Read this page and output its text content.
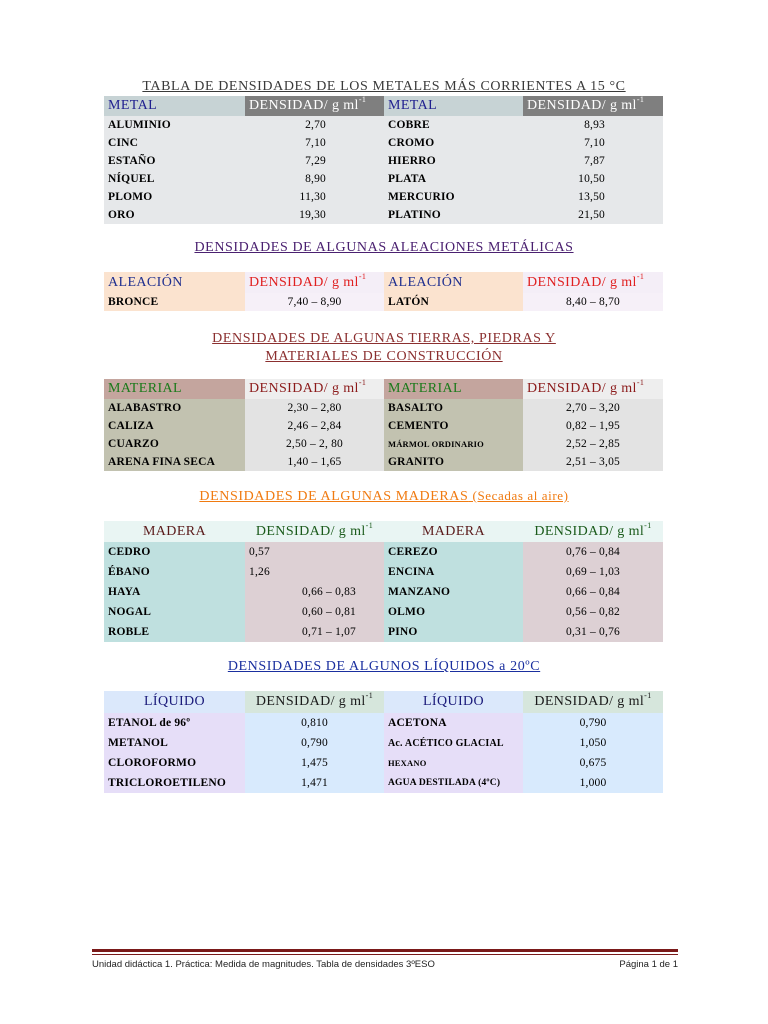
TABLA DE DENSIDADES DE LOS METALES MÁS CORRIENTES A 15 °C
METAL	DENSIDAD/ g $ml^{-1}$	METAL	DENSIDAD/ g $ml^{-1}$
ALUMINIO	2,70	COBRE	8,93
CINC	7,10	CROMO	7,10
ESTAÑO	7,29	HIERRO	7,87
NÍQUEL	8,90	PLATA	10,50
PLOMO	11,30	MERCURIO	13,50
ORO	19,30	PLATINO	21,50
DENSIDADES DE ALGUNAS ALEACIONES METÁLICAS
ALEACIÓN	DENSIDAD/ g $ml^{-1}$	ALEACIÓN	DENSIDAD/ g $ml^{-1}$
BRONCE	7,40 – 8,90	LATÓN	8,40 – 8,70
DENSIDADES DE ALGUNAS TIERRAS, PIEDRAS Y
MATERIALES DE CONSTRUCCIÓN
MATERIAL	DENSIDAD/ g $ml^{-1}$	MATERIAL	DENSIDAD/ g $ml^{-1}$
ALABASTRO	2,30 – 2,80	BASALTO	2,70 – 3,20
CALIZA	2,46 – 2,84	CEMENTO	0,82 – 1,95
CUARZO	2,50 – 2, 80	MÁRMOL ORDINARIO	2,52 – 2,85
ARENA FINA SECA	1,40 – 1,65	GRANITO	2,51 – 3,05
DENSIDADES DE ALGUNAS MADERAS (Secadas al aire)
MADERA	DENSIDAD/ g $ml^{-1}$	MADERA	DENSIDAD/ g $ml^{-1}$
CEDRO	0,57	CEREZO	0,76 – 0,84
ÉBANO	1,26	ENCINA	0,69 – 1,03
HAYA	0,66 – 0,83	MANZANO	0,66 – 0,84
NOGAL	0,60 – 0,81	OLMO	0,56 – 0,82
ROBLE	0,71 – 1,07	PINO	0,31 – 0,76
DENSIDADES DE ALGUNOS LÍQUIDOS a 20ºC
LÍQUIDO	DENSIDAD/ g $ml^{-1}$	LÍQUIDO	DENSIDAD/ g $ml^{-1}$
ETANOL de 96º	0,810	ACETONA	0,790
METANOL	0,790	Ac. ACÉTICO GLACIAL	1,050
CLOROFORMO	1,475	HEXANO	0,675
TRICLOROETILENO	1,471	AGUA DESTILADA (4ºC)	1,000
Unidad didáctica 1. Práctica: Medida de magnitudes. Tabla de densidades 3ºESO	Página 1 de 1
